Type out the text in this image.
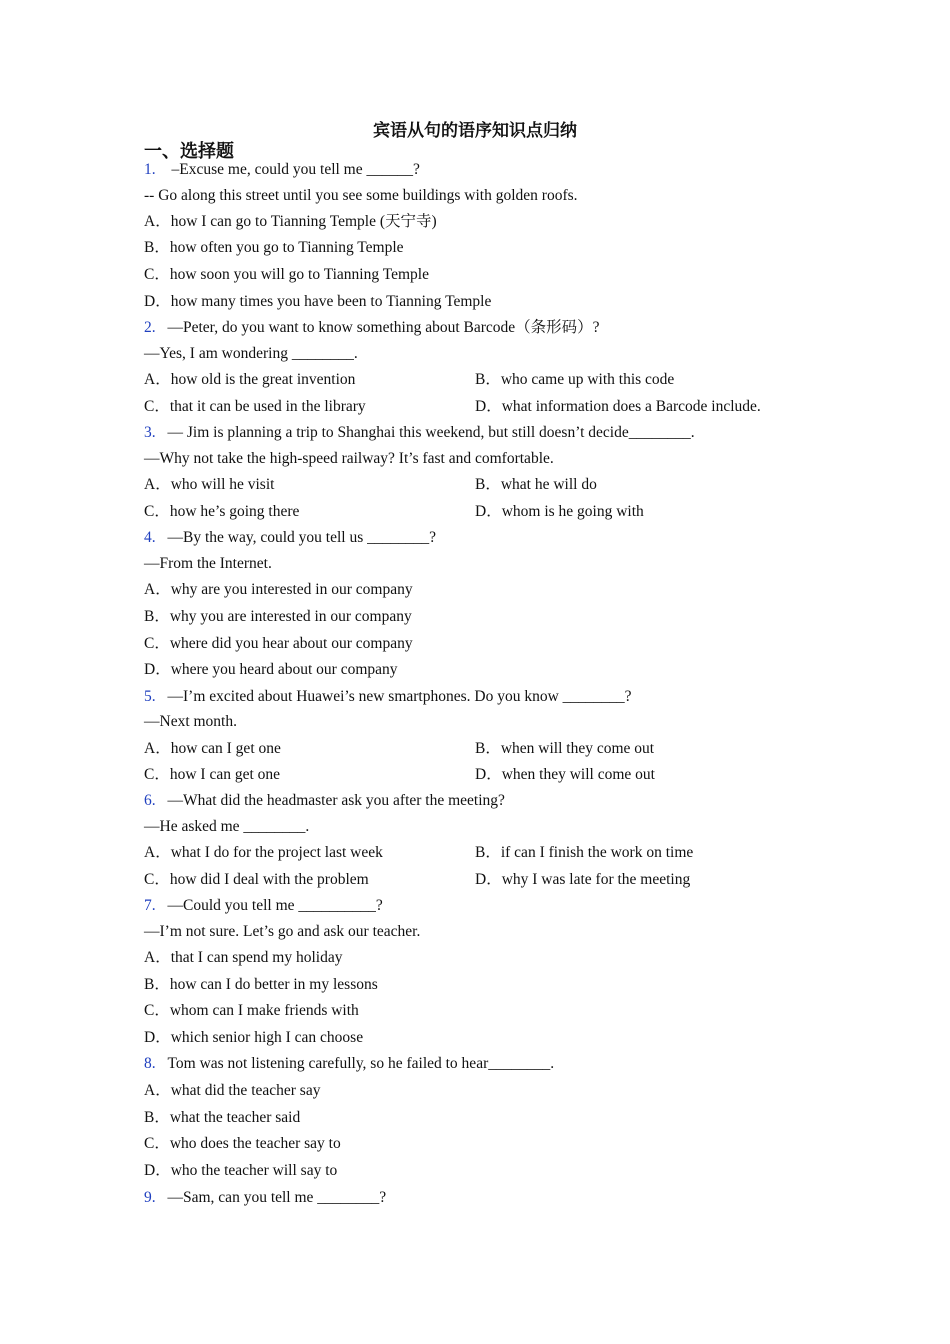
宾语从句的语序知识点归纳
一、选择题
1. –Excuse me, could you tell me ______?
-- Go along this street until you see some buildings with golden roofs.
A．how I can go to Tianning Temple (天宁寺)
B．how often you go to Tianning Temple
C．how soon you will go to Tianning Temple
D．how many times you have been to Tianning Temple
2. —Peter, do you want to know something about Barcode（条形码）?
—Yes, I am wondering ________.
A．how old is the great invention	B．who came up with this code
C．that it can be used in the library	D．what information does a Barcode include.
3. — Jim is planning a trip to Shanghai this weekend, but still doesn’t decide________.
—Why not take the high-speed railway? It’s fast and comfortable.
A．who will he visit	B．what he will do
C．how he’s going there	D．whom is he going with
4. —By the way, could you tell us ________?
—From the Internet.
A．why are you interested in our company
B．why you are interested in our company
C．where did you hear about our company
D．where you heard about our company
5. —I’m excited about Huawei’s new smartphones. Do you know ________?
—Next month.
A．how can I get one	B．when will they come out
C．how I can get one	D．when they will come out
6. —What did the headmaster ask you after the meeting?
—He asked me ________.
A．what I do for the project last week	B．if can I finish the work on time
C．how did I deal with the problem	D．why I was late for the meeting
7. —Could you tell me __________?
—I’m not sure. Let’s go and ask our teacher.
A．that I can spend my holiday
B．how can I do better in my lessons
C．whom can I make friends with
D．which senior high I can choose
8. Tom was not listening carefully, so he failed to hear________.
A．what did the teacher say
B．what the teacher said
C．who does the teacher say to
D．who the teacher will say to
9. —Sam, can you tell me ________?
